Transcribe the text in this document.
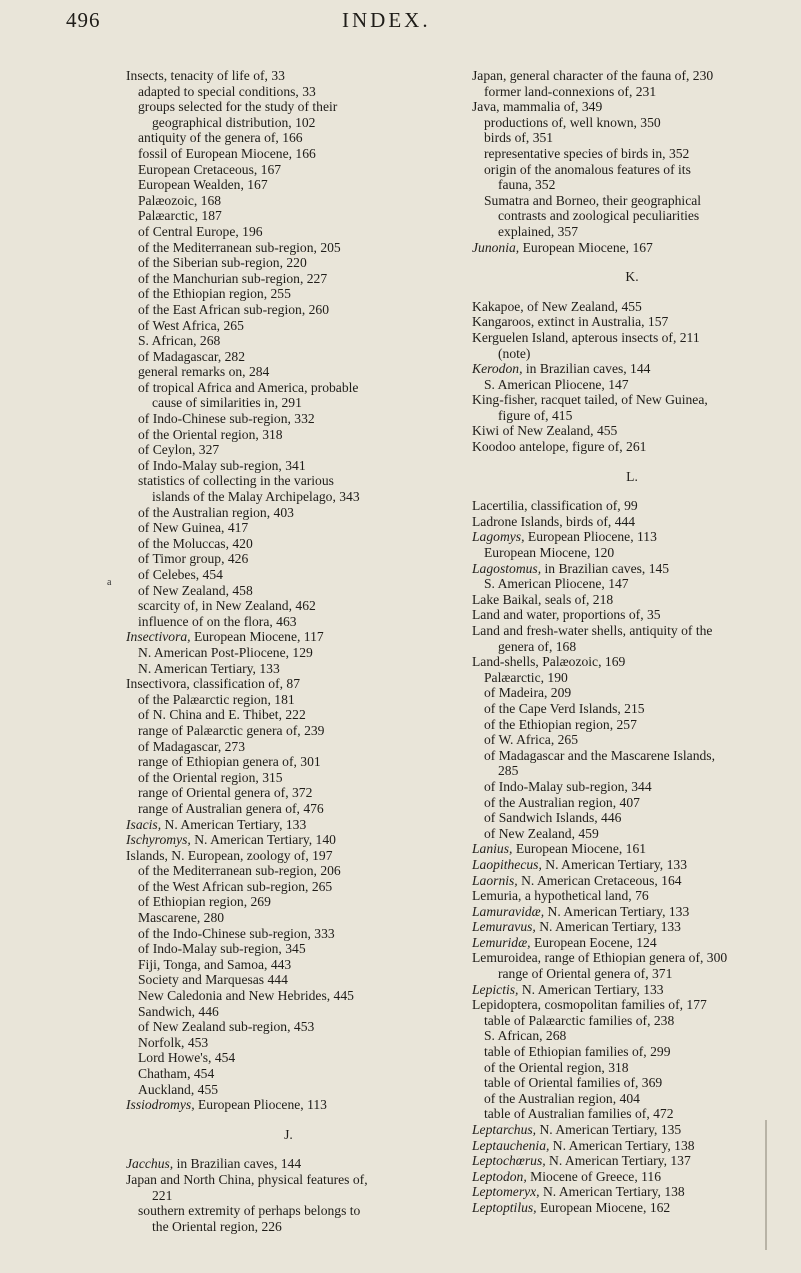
496	INDEX.
a
Insects, tenacity of life of, 33
adapted to special conditions, 33
groups selected for the study of their
geographical distribution, 102
antiquity of the genera of, 166
fossil of European Miocene, 166
European Cretaceous, 167
European Wealden, 167
Palæozoic, 168
Palæarctic, 187
of Central Europe, 196
of the Mediterranean sub-region, 205
of the Siberian sub-region, 220
of the Manchurian sub-region, 227
of the Ethiopian region, 255
of the East African sub-region, 260
of West Africa, 265
S. African, 268
of Madagascar, 282
general remarks on, 284
of tropical Africa and America, probable
cause of similarities in, 291
of Indo-Chinese sub-region, 332
of the Oriental region, 318
of Ceylon, 327
of Indo-Malay sub-region, 341
statistics of collecting in the various
islands of the Malay Archipelago, 343
of the Australian region, 403
of New Guinea, 417
of the Moluccas, 420
of Timor group, 426
of Celebes, 454
of New Zealand, 458
scarcity of, in New Zealand, 462
influence of on the flora, 463
Insectivora, European Miocene, 117
N. American Post-Pliocene, 129
N. American Tertiary, 133
Insectivora, classification of, 87
of the Palæarctic region, 181
of N. China and E. Thibet, 222
range of Palæarctic genera of, 239
of Madagascar, 273
range of Ethiopian genera of, 301
of the Oriental region, 315
range of Oriental genera of, 372
range of Australian genera of, 476
Isacis, N. American Tertiary, 133
Ischyromys, N. American Tertiary, 140
Islands, N. European, zoology of, 197
of the Mediterranean sub-region, 206
of the West African sub-region, 265
of Ethiopian region, 269
Mascarene, 280
of the Indo-Chinese sub-region, 333
of Indo-Malay sub-region, 345
Fiji, Tonga, and Samoa, 443
Society and Marquesas 444
New Caledonia and New Hebrides, 445
Sandwich, 446
of New Zealand sub-region, 453
Norfolk, 453
Lord Howe's, 454
Chatham, 454
Auckland, 455
Issiodromys, European Pliocene, 113
J.
Jacchus, in Brazilian caves, 144
Japan and North China, physical features of,
221
southern extremity of perhaps belongs to
the Oriental region, 226
Japan, general character of the fauna of, 230
former land-connexions of, 231
Java, mammalia of, 349
productions of, well known, 350
birds of, 351
representative species of birds in, 352
origin of the anomalous features of its
fauna, 352
Sumatra and Borneo, their geographical
contrasts and zoological peculiarities
explained, 357
Junonia, European Miocene, 167
K.
Kakapoe, of New Zealand, 455
Kangaroos, extinct in Australia, 157
Kerguelen Island, apterous insects of, 211
(note)
Kerodon, in Brazilian caves, 144
S. American Pliocene, 147
King-fisher, racquet tailed, of New Guinea,
figure of, 415
Kiwi of New Zealand, 455
Koodoo antelope, figure of, 261
L.
Lacertilia, classification of, 99
Ladrone Islands, birds of, 444
Lagomys, European Pliocene, 113
European Miocene, 120
Lagostomus, in Brazilian caves, 145
S. American Pliocene, 147
Lake Baikal, seals of, 218
Land and water, proportions of, 35
Land and fresh-water shells, antiquity of the
genera of, 168
Land-shells, Palæozoic, 169
Palæarctic, 190
of Madeira, 209
of the Cape Verd Islands, 215
of the Ethiopian region, 257
of W. Africa, 265
of Madagascar and the Mascarene Islands,
285
of Indo-Malay sub-region, 344
of the Australian region, 407
of Sandwich Islands, 446
of New Zealand, 459
Lanius, European Miocene, 161
Laopithecus, N. American Tertiary, 133
Laornis, N. American Cretaceous, 164
Lemuria, a hypothetical land, 76
Lamuravidæ, N. American Tertiary, 133
Lemuravus, N. American Tertiary, 133
Lemuridæ, European Eocene, 124
Lemuroidea, range of Ethiopian genera of, 300
range of Oriental genera of, 371
Lepictis, N. American Tertiary, 133
Lepidoptera, cosmopolitan families of, 177
table of Palæarctic families of, 238
S. African, 268
table of Ethiopian families of, 299
of the Oriental region, 318
table of Oriental families of, 369
of the Australian region, 404
table of Australian families of, 472
Leptarchus, N. American Tertiary, 135
Leptauchenia, N. American Tertiary, 138
Leptochœrus, N. American Tertiary, 137
Leptodon, Miocene of Greece, 116
Leptomeryx, N. American Tertiary, 138
Leptoptilus, European Miocene, 162
